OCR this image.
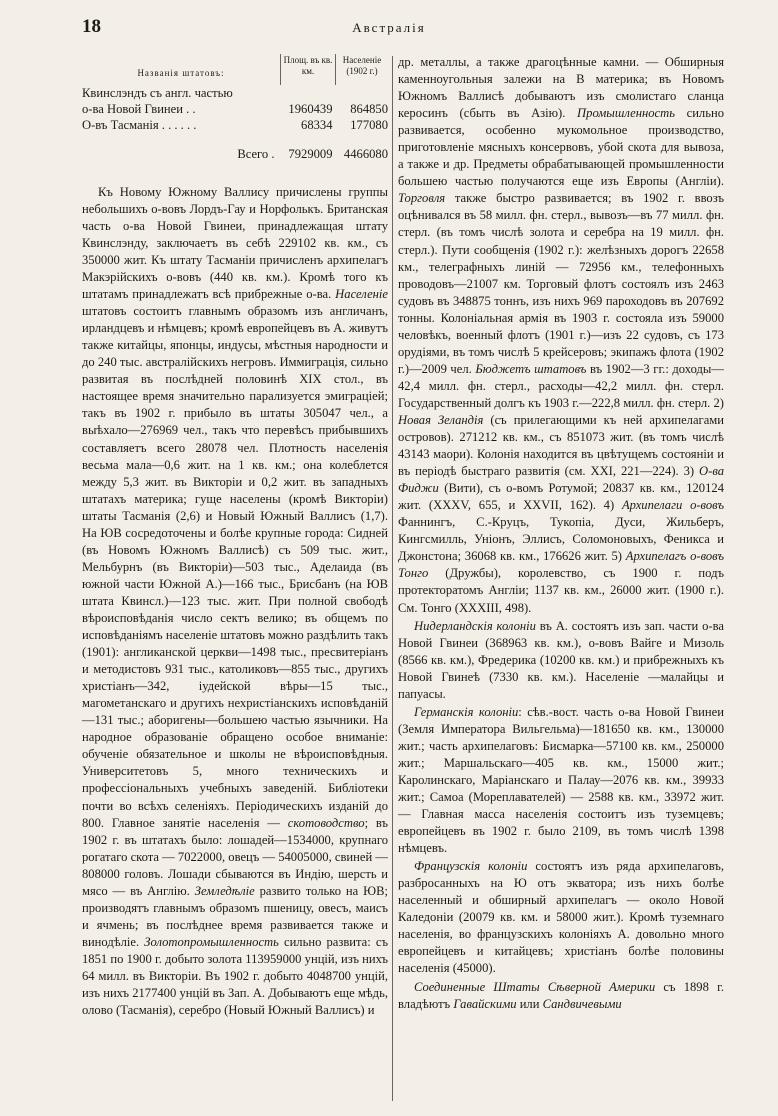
18	Австралія
Названія штатовъ:	Площ. въ кв. км.	Населеніе (1902 г.)
Квинслэндъ съ англ. частью		
о-ва Новой Гвинеи . .	1960439	864850
О-въ Тасманія . . . . . .	68334	177080
Всего .	7929009	4466080

Къ Новому Южному Валлису причислены группы небольшихъ о-вовъ Лордъ-Гау и Норфолькъ. Британская часть о-ва Новой Гвинеи, принадлежащая штату Квинслэнду, заключаетъ въ себѣ 229102 кв. км., съ 350000 жит. Къ штату Тасманіи причисленъ архипелагъ Макэрійскихъ о-вовъ (440 кв. км.). Кромѣ того къ штатамъ принадлежатъ всѣ прибрежные о-ва. Населеніе штатовъ состоитъ главнымъ образомъ изъ англичанъ, ирландцевъ и нѣмцевъ; кромѣ европейцевъ въ А. живутъ также китайцы, японцы, индусы, мѣстныя народности и до 240 тыс. австралійскихъ негровъ. Иммиграція, сильно развитая въ послѣдней половинѣ XIX стол., въ настоящее время значительно парализуется эмиграціей; такъ въ 1902 г. прибыло въ штаты 305047 чел., а выѣхало—276969 чел., такъ что перевѣсъ прибывшихъ составляетъ всего 28078 чел. Плотность населенія весьма мала—0,6 жит. на 1 кв. км.; она колеблется между 5,3 жит. въ Викторіи и 0,2 жит. въ западныхъ штатахъ материка; гуще населены (кромѣ Викторіи) штаты Тасманія (2,6) и Новый Южный Валлисъ (1,7). На ЮВ сосредоточены и болѣе крупные города: Сидней (въ Новомъ Южномъ Валлисѣ) съ 509 тыс. жит., Мельбурнъ (въ Викторіи)—503 тыс., Аделаида (въ южной части Южной А.)—166 тыс., Брисбанъ (на ЮВ штата Квинсл.)—123 тыс. жит. При полной свободѣ вѣроисповѣданія число сектъ велико; въ общемъ по исповѣданіямъ населеніе штатовъ можно раздѣлить такъ (1901): англиканской церкви—1498 тыс., пресвитеріанъ и методистовъ 931 тыс., католиковъ—855 тыс., другихъ христіанъ—342, іудейской вѣры—15 тыс., магометанскаго и другихъ нехристіанскихъ исповѣданій—131 тыс.; аборигены—большею частью язычники. На народное образованіе обращено особое вниманіе: обученіе обязательное и школы не вѣроисповѣдныя. Университетовъ 5, много техническихъ и профессіональныхъ учебныхъ заведеній. Библіотеки почти во всѣхъ селеніяхъ. Періодическихъ изданій до 800. Главное занятіе населенія — скотоводство; въ 1902 г. въ штатахъ было: лошадей—1534000, крупнаго рогатаго скота — 7022000, овецъ — 54005000, свиней — 808000 головъ. Лошади сбываются въ Индію, шерсть и мясо — въ Англію. Земледѣліе развито только на ЮВ; производятъ главнымъ образомъ пшеницу, овесъ, маисъ и ячмень; въ послѣднее время развивается также и винодѣліе. Золотопромышленность сильно развита: съ 1851 по 1900 г. добыто золота 113959000 унцій, изъ нихъ 64 милл. въ Викторіи. Въ 1902 г. добыто 4048700 унцій, изъ нихъ 2177400 унцій въ Зап. А. Добываютъ еще мѣдь, олово (Тасманія), серебро (Новый Южный Валлисъ) и

др. металлы, а также драгоцѣнные камни. — Обширныя каменноугольныя залежи на В материка; въ Новомъ Южномъ Валлисѣ добываютъ изъ смолистаго сланца керосинъ (сбыть въ Азію). Промышленность сильно развивается, особенно мукомольное производство, приготовленіе мясныхъ консервовъ, убой скота для вывоза, а также и др. Предметы обрабатывающей промышленности большею частью получаются еще изъ Европы (Англіи). Торговля также быстро развивается; въ 1902 г. ввозъ оцѣнивался въ 58 милл. фн. стерл., вывозъ—въ 77 милл. фн. стерл. (въ томъ числѣ золота и серебра на 19 милл. фн. стерл.). Пути сообщенія (1902 г.): желѣзныхъ дорогъ 22658 км., телеграфныхъ линій — 72956 км., телефонныхъ проводовъ—21007 км. Торговый флотъ состоялъ изъ 2463 судовъ въ 348875 тоннъ, изъ нихъ 969 пароходовъ въ 207692 тонны. Колоніальная армія въ 1903 г. состояла изъ 59000 человѣкъ, военный флотъ (1901 г.)—изъ 22 судовъ, съ 173 орудіями, въ томъ числѣ 5 крейсеровъ; экипажъ флота (1902 г.)—2009 чел. Бюджетъ штатовъ въ 1902—3 гг.: доходы—42,4 милл. фн. стерл., расходы—42,2 милл. фн. стерл. Государственный долгъ къ 1903 г.—222,8 милл. фн. стерл. 2) Новая Зеландія (съ прилегающими къ ней архипелагами островов). 271212 кв. км., съ 851073 жит. (въ томъ числѣ 43143 маори). Колонія находится въ цвѣтущемъ состояніи и въ періодѣ быстраго развитія (см. XXI, 221—224). 3) О-ва Фиджи (Вити), съ о-вомъ Ротумой; 20837 кв. км., 120124 жит. (XXXV, 655, и XXVII, 162). 4) Архипелаги о-вовъ Фаннингъ, С.-Круцъ, Тукопіа, Дуси, Жильберъ, Кингсмилль, Уніонъ, Эллисъ, Соломоновыхъ, Феникса и Джонстона; 36068 кв. км., 176626 жит. 5) Архипелагъ о-вовъ Тонго (Дружбы), королевство, съ 1900 г. подъ протекторатомъ Англіи; 1137 кв. км., 26000 жит. (1900 г.). См. Тонго (XXXIII, 498).

Нидерландскія колоніи въ А. состоятъ изъ зап. части о-ва Новой Гвинеи (368963 кв. км.), о-вовъ Вайге и Мизоль (8566 кв. км.), Фредерика (10200 кв. км.) и прибрежныхъ къ Новой Гвинеѣ (7330 кв. км.). Населеніе —малайцы и папуасы.

Германскія колоніи: сѣв.-вост. часть о-ва Новой Гвинеи (Земля Императора Вильгельма)—181650 кв. км., 130000 жит.; часть архипелаговъ: Бисмарка—57100 кв. км., 250000 жит.; Маршальскаго—405 кв. км., 15000 жит.; Каролинскаго, Маріанскаго и Палау—2076 кв. км., 39933 жит.; Самоа (Мореплавателей) — 2588 кв. км., 33972 жит. — Главная масса населенія состоитъ изъ туземцевъ; европейцевъ въ 1902 г. было 2109, въ томъ числѣ 1398 нѣмцевъ.

Французскія колоніи состоятъ изъ ряда архипелаговъ, разбросанныхъ на Ю отъ экватора; изъ нихъ болѣе населенный и обширный архипелагъ — около Новой Каледоніи (20079 кв. км. и 58000 жит.). Кромѣ туземнаго населенія, во французскихъ колоніяхъ А. довольно много европейцевъ и китайцевъ; христіанъ болѣе половины населенія (45000).

Соединенные Штаты Сѣверной Америки съ 1898 г. владѣютъ Гавайскими или Сандвичевыми
